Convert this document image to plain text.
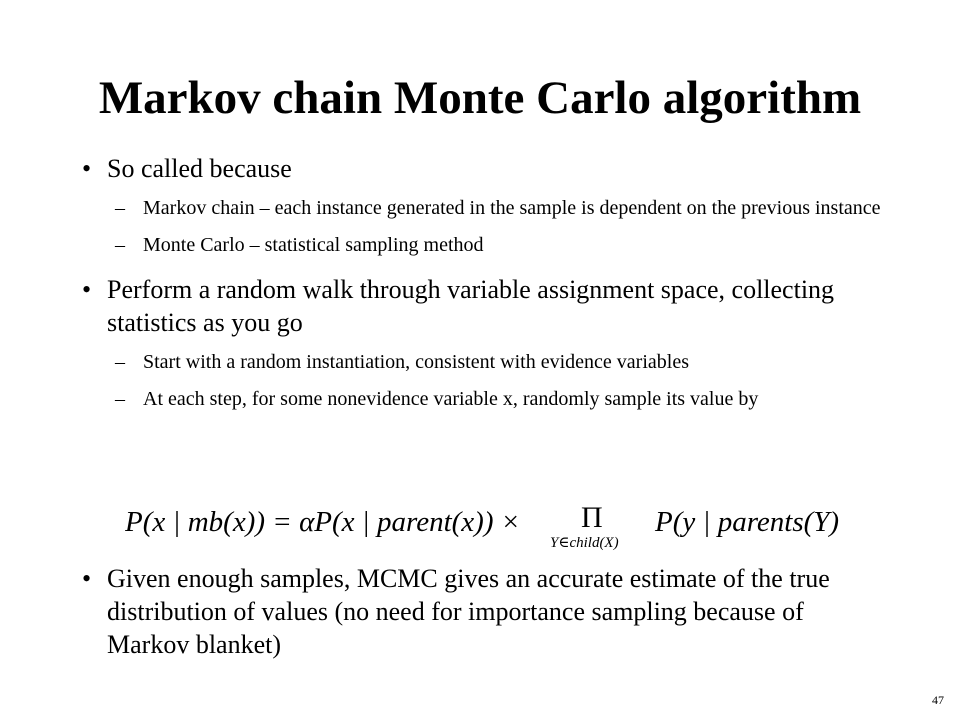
Markov chain Monte Carlo algorithm
• So called because
– Markov chain – each instance generated in the sample is dependent on the previous instance
– Monte Carlo – statistical sampling method
• Perform a random walk through variable assignment space, collecting statistics as you go
– Start with a random instantiation, consistent with evidence variables
– At each step, for some nonevidence variable x, randomly sample its value by
P(x | mb(x)) = αP(x | parent(x)) × Π
Y∈child(X)
P(y | parents(Y)
• Given enough samples, MCMC gives an accurate estimate of the true distribution of values (no need for importance sampling because of Markov blanket)
47
